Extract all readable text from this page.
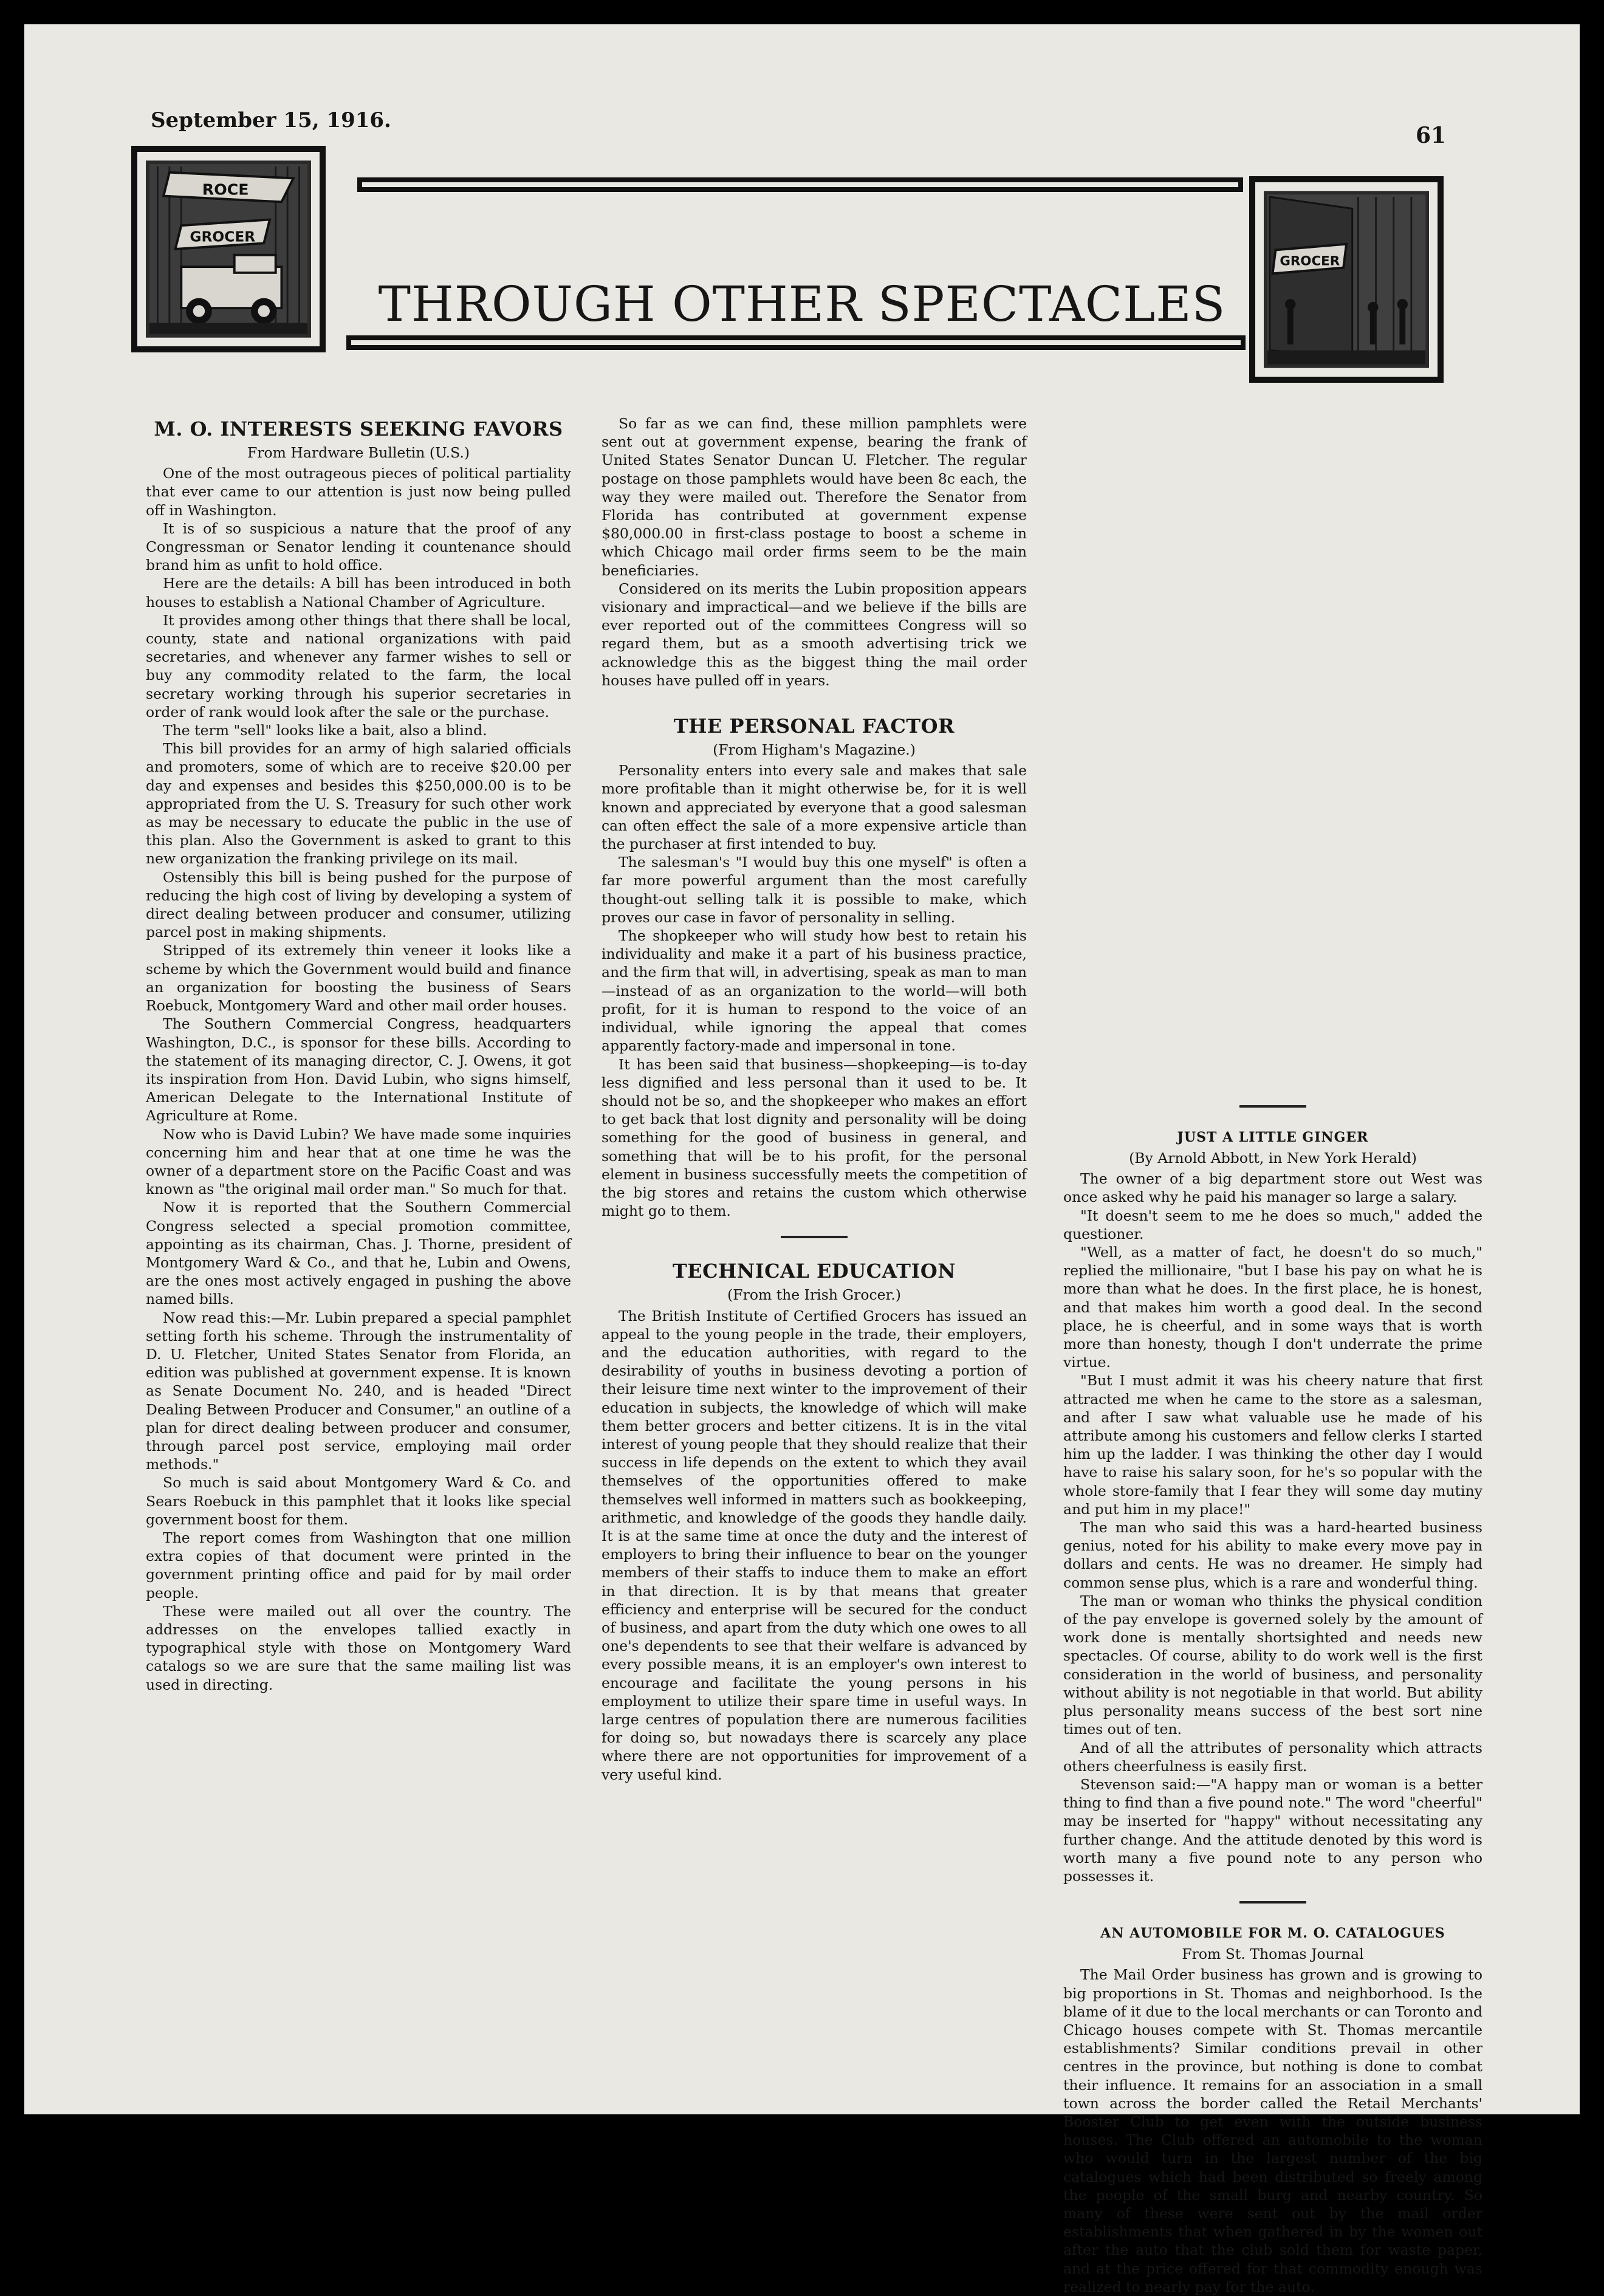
September 15, 1916.
61
ROCE
GROCER
THROUGH OTHER SPECTACLES
GROCER
M. O. INTERESTS SEEKING FAVORS

From Hardware Bulletin (U.S.)

One of the most outrageous pieces of political partiality that ever came to our attention is just now being pulled off in Washington.

It is of so suspicious a nature that the proof of any Congressman or Senator lending it countenance should brand him as unfit to hold office.

Here are the details: A bill has been introduced in both houses to establish a National Chamber of Agriculture.

It provides among other things that there shall be local, county, state and national organizations with paid secretaries, and whenever any farmer wishes to sell or buy any commodity related to the farm, the local secretary working through his superior secretaries in order of rank would look after the sale or the purchase.

The term "sell" looks like a bait, also a blind.

This bill provides for an army of high salaried officials and promoters, some of which are to receive $20.00 per day and expenses and besides this $250,000.00 is to be appropriated from the U. S. Treasury for such other work as may be necessary to educate the public in the use of this plan. Also the Government is asked to grant to this new organization the franking privilege on its mail.

Ostensibly this bill is being pushed for the purpose of reducing the high cost of living by developing a system of direct dealing between producer and consumer, utilizing parcel post in making shipments.

Stripped of its extremely thin veneer it looks like a scheme by which the Government would build and finance an organization for boosting the business of Sears Roebuck, Montgomery Ward and other mail order houses.

The Southern Commercial Congress, headquarters Washington, D.C., is sponsor for these bills. According to the statement of its managing director, C. J. Owens, it got its inspiration from Hon. David Lubin, who signs himself, American Delegate to the International Institute of Agriculture at Rome.

Now who is David Lubin? We have made some inquiries concerning him and hear that at one time he was the owner of a department store on the Pacific Coast and was known as "the original mail order man." So much for that.

Now it is reported that the Southern Commercial Congress selected a special promotion committee, appointing as its chairman, Chas. J. Thorne, president of Montgomery Ward & Co., and that he, Lubin and Owens, are the ones most actively engaged in pushing the above named bills.

Now read this:—Mr. Lubin prepared a special pamphlet setting forth his scheme. Through the instrumentality of D. U. Fletcher, United States Senator from Florida, an edition was published at government expense. It is known as Senate Document No. 240, and is headed "Direct Dealing Between Producer and Consumer," an outline of a plan for direct dealing between producer and consumer, through parcel post service, employing mail order methods."

So much is said about Montgomery Ward & Co. and Sears Roebuck in this pamphlet that it looks like special government boost for them.

The report comes from Washington that one million extra copies of that document were printed in the government printing office and paid for by mail order people.

These were mailed out all over the country. The addresses on the envelopes tallied exactly in typographical style with those on Montgomery Ward catalogs so we are sure that the same mailing list was used in directing.

So far as we can find, these million pamphlets were sent out at government expense, bearing the frank of United States Senator Duncan U. Fletcher. The regular postage on those pamphlets would have been 8c each, the way they were mailed out. Therefore the Senator from Florida has contributed at government expense $80,000.00 in first-class postage to boost a scheme in which Chicago mail order firms seem to be the main beneficiaries.

Considered on its merits the Lubin proposition appears visionary and impractical—and we believe if the bills are ever reported out of the committees Congress will so regard them, but as a smooth advertising trick we acknowledge this as the biggest thing the mail order houses have pulled off in years.

THE PERSONAL FACTOR

(From Higham's Magazine.)

Personality enters into every sale and makes that sale more profitable than it might otherwise be, for it is well known and appreciated by everyone that a good salesman can often effect the sale of a more expensive article than the purchaser at first intended to buy.

The salesman's "I would buy this one myself" is often a far more powerful argument than the most carefully thought-out selling talk it is possible to make, which proves our case in favor of personality in selling.

The shopkeeper who will study how best to retain his individuality and make it a part of his business practice, and the firm that will, in advertising, speak as man to man—instead of as an organization to the world—will both profit, for it is human to respond to the voice of an individual, while ignoring the appeal that comes apparently factory-made and impersonal in tone.

It has been said that business—shopkeeping—is to-day less dignified and less personal than it used to be. It should not be so, and the shopkeeper who makes an effort to get back that lost dignity and personality will be doing something for the good of business in general, and something that will be to his profit, for the personal element in business successfully meets the competition of the big stores and retains the custom which otherwise might go to them.

TECHNICAL EDUCATION

(From the Irish Grocer.)

The British Institute of Certified Grocers has issued an appeal to the young people in the trade, their employers, and the education authorities, with regard to the desirability of youths in business devoting a portion of their leisure time next winter to the improvement of their education in subjects, the knowledge of which will make them better grocers and better citizens. It is in the vital interest of young people that they should realize that their success in life depends on the extent to which they avail themselves of the opportunities offered to make themselves well informed in matters such as bookkeeping, arithmetic, and knowledge of the goods they handle daily. It is at the same time at once the duty and the interest of employers to bring their influence to bear on the younger members of their staffs to induce them to make an effort in that direction. It is by that means that greater efficiency and enterprise will be secured for the conduct of business, and apart from the duty which one owes to all one's dependents to see that their welfare is advanced by every possible means, it is an employer's own interest to encourage and facilitate the young persons in his employment to utilize their spare time in useful ways. In large centres of population there are numerous facilities for doing so, but nowadays there is scarcely any place where there are not opportunities for improvement of a very useful kind.

JUST A LITTLE GINGER

(By Arnold Abbott, in New York Herald)

The owner of a big department store out West was once asked why he paid his manager so large a salary.

"It doesn't seem to me he does so much," added the questioner.

"Well, as a matter of fact, he doesn't do so much," replied the millionaire, "but I base his pay on what he is more than what he does. In the first place, he is honest, and that makes him worth a good deal. In the second place, he is cheerful, and in some ways that is worth more than honesty, though I don't underrate the prime virtue.

"But I must admit it was his cheery nature that first attracted me when he came to the store as a salesman, and after I saw what valuable use he made of his attribute among his customers and fellow clerks I started him up the ladder. I was thinking the other day I would have to raise his salary soon, for he's so popular with the whole store-family that I fear they will some day mutiny and put him in my place!"

The man who said this was a hard-hearted business genius, noted for his ability to make every move pay in dollars and cents. He was no dreamer. He simply had common sense plus, which is a rare and wonderful thing.

The man or woman who thinks the physical condition of the pay envelope is governed solely by the amount of work done is mentally shortsighted and needs new spectacles. Of course, ability to do work well is the first consideration in the world of business, and personality without ability is not negotiable in that world. But ability plus personality means success of the best sort nine times out of ten.

And of all the attributes of personality which attracts others cheerfulness is easily first.

Stevenson said:—"A happy man or woman is a better thing to find than a five pound note." The word "cheerful" may be inserted for "happy" without necessitating any further change. And the attitude denoted by this word is worth many a five pound note to any person who possesses it.

AN AUTOMOBILE FOR M. O. CATALOGUES

From St. Thomas Journal

The Mail Order business has grown and is growing to big proportions in St. Thomas and neighborhood. Is the blame of it due to the local merchants or can Toronto and Chicago houses compete with St. Thomas mercantile establishments? Similar conditions prevail in other centres in the province, but nothing is done to combat their influence. It remains for an association in a small town across the border called the Retail Merchants' Booster Club to get even with the outside business houses. The Club offered an automobile to the woman who would turn in the largest number of the big catalogues which had been distributed so freely among the people of the small burg and nearby country. So many of these were sent out by the mail order establishments that when gathered in by the women out after the auto that the club sold them for waste paper, and at the price offered for that commodity enough was realized to nearly pay for the auto.
